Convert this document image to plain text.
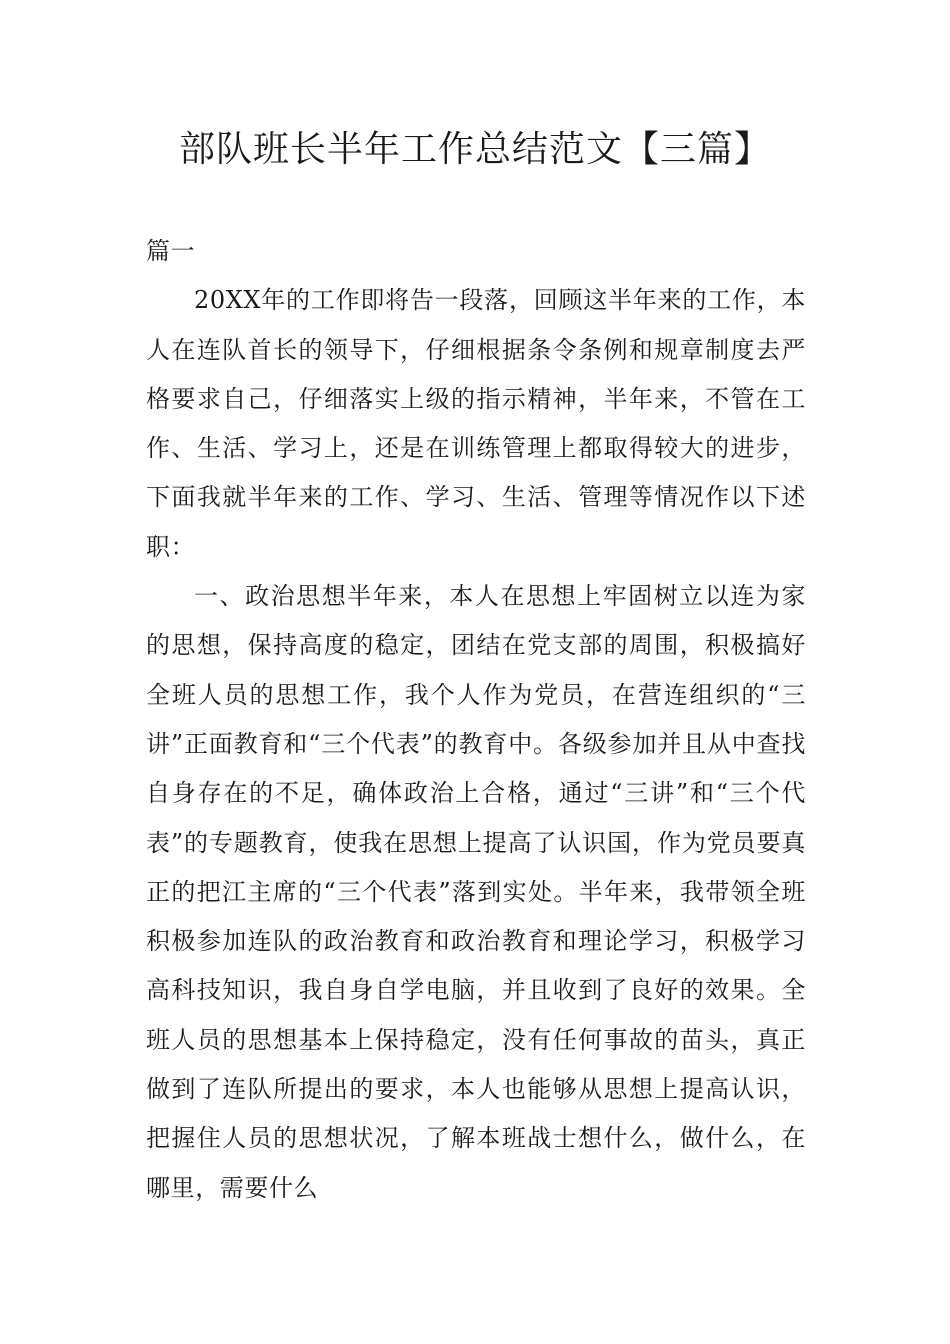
部队班长半年工作总结范文【三篇】

篇一

20XX年的工作即将告一段落，回顾这半年来的工作，本人在连队首长的领导下，仔细根据条令条例和规章制度去严格要求自己，仔细落实上级的指示精神，半年来，不管在工作、生活、学习上，还是在训练管理上都取得较大的进步，下面我就半年来的工作、学习、生活、管理等情况作以下述职：

一、政治思想半年来，本人在思想上牢固树立以连为家的思想，保持高度的稳定，团结在党支部的周围，积极搞好全班人员的思想工作，我个人作为党员，在营连组织的“三讲”正面教育和“三个代表”的教育中。各级参加并且从中查找自身存在的不足，确体政治上合格，通过“三讲”和“三个代表”的专题教育，使我在思想上提高了认识国，作为党员要真正的把江主席的“三个代表”落到实处。半年来，我带领全班积极参加连队的政治教育和政治教育和理论学习，积极学习高科技知识，我自身自学电脑，并且收到了良好的效果。全班人员的思想基本上保持稳定，没有任何事故的苗头，真正做到了连队所提出的要求，本人也能够从思想上提高认识，把握住人员的思想状况，了解本班战士想什么，做什么，在哪里，需要什么
